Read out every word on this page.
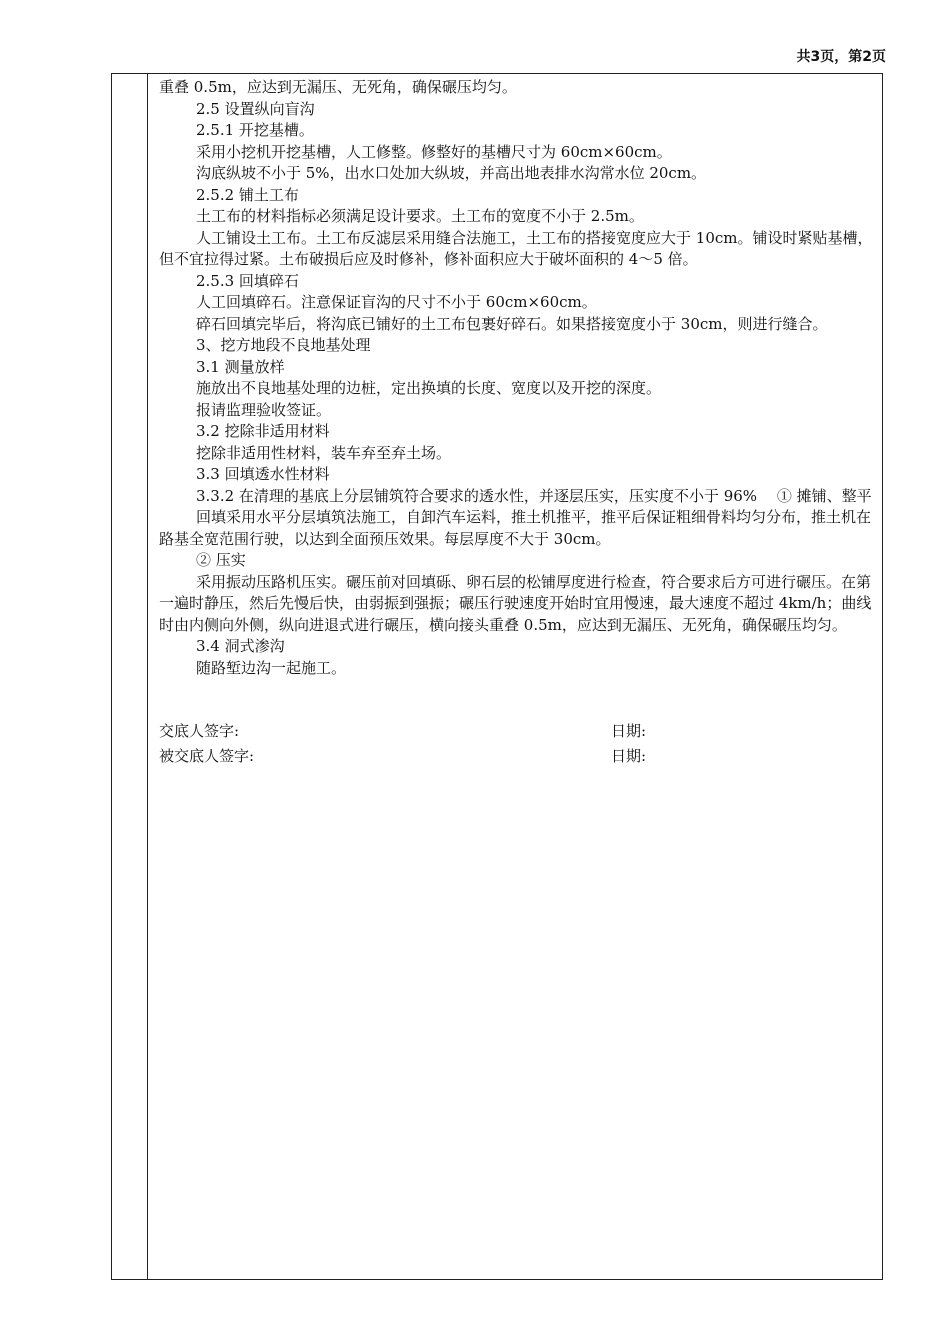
共3页，第2页

重叠 0.5m，应达到无漏压、无死角，确保碾压均匀。

2.5 设置纵向盲沟

2.5.1 开挖基槽。

采用小挖机开挖基槽，人工修整。修整好的基槽尺寸为 60cm×60cm。

沟底纵坡不小于 5%，出水口处加大纵坡，并高出地表排水沟常水位 20cm。

2.5.2 铺土工布

土工布的材料指标必须满足设计要求。土工布的宽度不小于 2.5m。

人工铺设土工布。土工布反滤层采用缝合法施工，土工布的搭接宽度应大于 10cm。铺设时紧贴基槽，但不宜拉得过紧。土布破损后应及时修补，修补面积应大于破坏面积的 4～5 倍。

2.5.3 回填碎石

人工回填碎石。注意保证盲沟的尺寸不小于 60cm×60cm。

碎石回填完毕后，将沟底已铺好的土工布包裹好碎石。如果搭接宽度小于 30cm，则进行缝合。

3、挖方地段不良地基处理

3.1 测量放样

施放出不良地基处理的边桩，定出换填的长度、宽度以及开挖的深度。

报请监理验收签证。

3.2 挖除非适用材料

挖除非适用性材料，装车弃至弃土场。

3.3 回填透水性材料

3.3.2 在清理的基底上分层铺筑符合要求的透水性，并逐层压实，压实度不小于 96%　 ① 摊铺、整平

回填采用水平分层填筑法施工，自卸汽车运料，推土机推平，推平后保证粗细骨料均匀分布，推土机在路基全宽范围行驶，以达到全面预压效果。每层厚度不大于 30cm。

② 压实

采用振动压路机压实。碾压前对回填砾、卵石层的松铺厚度进行检查，符合要求后方可进行碾压。在第一遍时静压，然后先慢后快，由弱振到强振；碾压行驶速度开始时宜用慢速，最大速度不超过 4km/h；曲线时由内侧向外侧，纵向进退式进行碾压，横向接头重叠 0.5m，应达到无漏压、无死角，确保碾压均匀。

3.4 洞式渗沟

随路堑边沟一起施工。

交底人签字:	日期:
被交底人签字:	日期:
